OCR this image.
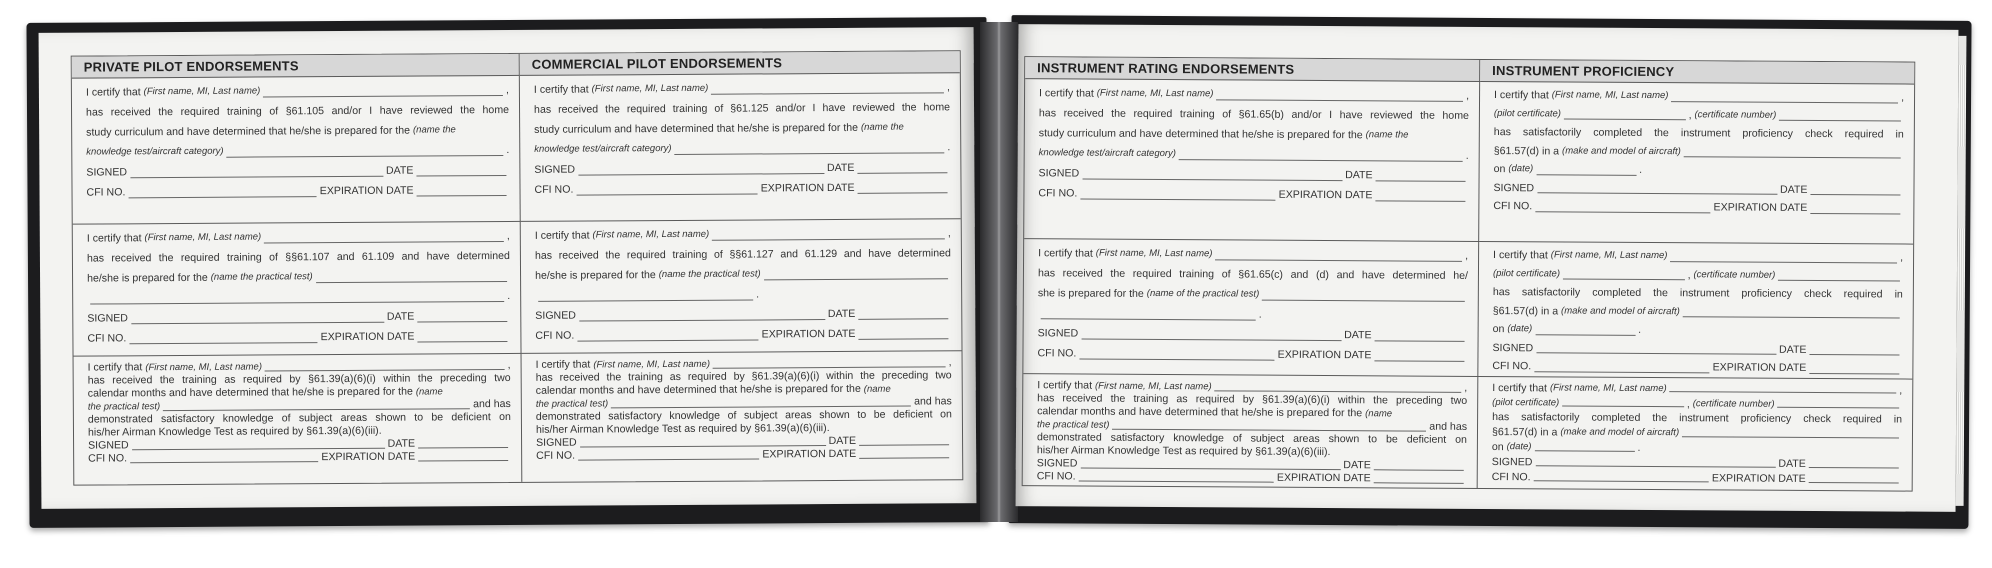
PRIVATE PILOT ENDORSEMENTS	COMMERCIAL PILOT ENDORSEMENTS
I certify that
(First name, MI, Last name)	,
has received the required training of §61.105 and/or I have reviewed the home
study curriculum and have determined that he/she is prepared for the
(name the
knowledge test/aircraft category)	.
SIGNED	DATE
CFI NO.	EXPIRATION DATE
I certify that
(First name, MI, Last name)	,
has received the required training of §61.125 and/or I have reviewed the home
study curriculum and have determined that he/she is prepared for the
(name the
knowledge test/aircraft category)	.
SIGNED	DATE
CFI NO.	EXPIRATION DATE
I certify that
(First name, MI, Last name)	,
has received the required training of §§61.107 and 61.109 and have determined
he/she is prepared for the
(name the practical test)
.
SIGNED	DATE
CFI NO.	EXPIRATION DATE
I certify that
(First name, MI, Last name)	,
has received the required training of §§61.127 and 61.129 and have determined
he/she is prepared for the
(name the practical test)
.
SIGNED	DATE
CFI NO.	EXPIRATION DATE
I certify that
(First name, MI, Last name)	,
has received the training as required by §61.39(a)(6)(i) within the preceding two
calendar months and have determined that he/she is prepared for the
(name
the practical test)	and has
demonstrated satisfactory knowledge of subject areas shown to be deficient on
his/her Airman Knowledge Test as required by §61.39(a)(6)(iii).
SIGNED	DATE
CFI NO.	EXPIRATION DATE
I certify that
(First name, MI, Last name)	,
has received the training as required by §61.39(a)(6)(i) within the preceding two
calendar months and have determined that he/she is prepared for the
(name
the practical test)	and has
demonstrated satisfactory knowledge of subject areas shown to be deficient on
his/her Airman Knowledge Test as required by §61.39(a)(6)(iii).
SIGNED	DATE
CFI NO.	EXPIRATION DATE
INSTRUMENT RATING ENDORSEMENTS	INSTRUMENT PROFICIENCY
I certify that
(First name, MI, Last name)	,
has received the required training of §61.65(b) and/or I have reviewed the home
study curriculum and have determined that he/she is prepared for the
(name the
knowledge test/aircraft category)	.
SIGNED	DATE
CFI NO.	EXPIRATION DATE
I certify that
(First name, MI, Last name)	,
(pilot certificate)	, (certificate number)
has satisfactorily completed the instrument proficiency check required in
§61.57(d) in a
(make and model of aircraft)
on
(date)	.
SIGNED	DATE
CFI NO.	EXPIRATION DATE
I certify that
(First name, MI, Last name)	,
has received the required training of §61.65(c) and (d) and have determined he/
she is prepared for the
(name of the practical test)
.
SIGNED	DATE
CFI NO.	EXPIRATION DATE
I certify that
(First name, MI, Last name)	,
(pilot certificate)	, (certificate number)
has satisfactorily completed the instrument proficiency check required in
§61.57(d) in a
(make and model of aircraft)
on
(date)	.
SIGNED	DATE
CFI NO.	EXPIRATION DATE
I certify that
(First name, MI, Last name)	,
has received the training as required by §61.39(a)(6)(i) within the preceding two
calendar months and have determined that he/she is prepared for the
(name
the practical test)	and has
demonstrated satisfactory knowledge of subject areas shown to be deficient on
his/her Airman Knowledge Test as required by §61.39(a)(6)(iii).
SIGNED	DATE
CFI NO.	EXPIRATION DATE
I certify that
(First name, MI, Last name)	,
(pilot certificate)	, (certificate number)
has satisfactorily completed the instrument proficiency check required in
§61.57(d) in a
(make and model of aircraft)
on
(date)	.
SIGNED	DATE
CFI NO.	EXPIRATION DATE
